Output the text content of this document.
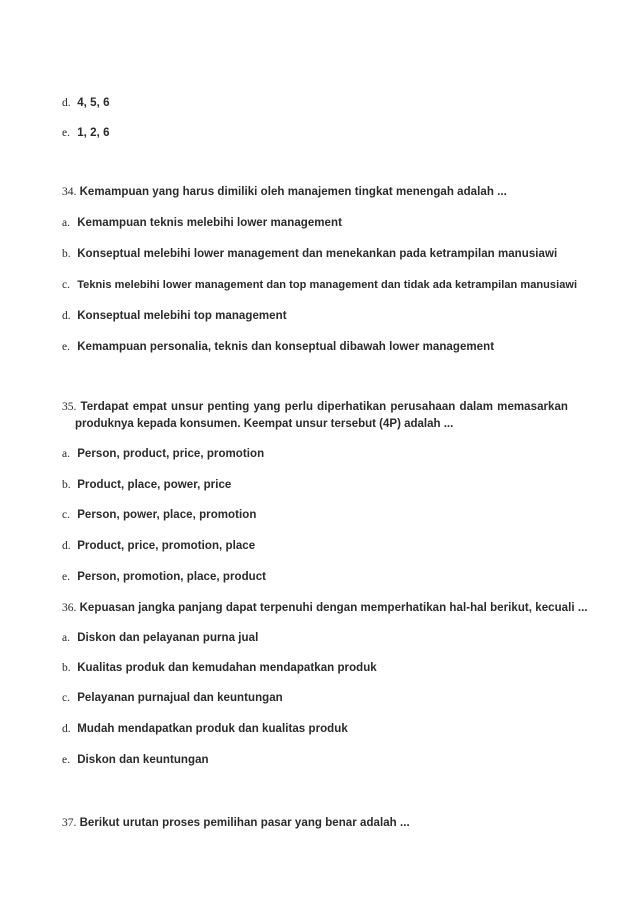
d. 4, 5, 6
e. 1, 2, 6
34. Kemampuan yang harus dimiliki oleh manajemen tingkat menengah adalah ...
a. Kemampuan teknis melebihi lower management
b. Konseptual melebihi lower management dan menekankan pada ketrampilan manusiawi
c. Teknis melebihi lower management dan top management dan tidak ada ketrampilan manusiawi
d. Konseptual melebihi top management
e. Kemampuan personalia, teknis dan konseptual dibawah lower management
35. Terdapat empat unsur penting yang perlu diperhatikan perusahaan dalam memasarkan
produknya kepada konsumen. Keempat unsur tersebut (4P) adalah ...
a. Person, product, price, promotion
b. Product, place, power, price
c. Person, power, place, promotion
d. Product, price, promotion, place
e. Person, promotion, place, product
36. Kepuasan jangka panjang dapat terpenuhi dengan memperhatikan hal-hal berikut, kecuali ...
a. Diskon dan pelayanan purna jual
b. Kualitas produk dan kemudahan mendapatkan produk
c. Pelayanan purnajual dan keuntungan
d. Mudah mendapatkan produk dan kualitas produk
e. Diskon dan keuntungan
37. Berikut urutan proses pemilihan pasar yang benar adalah ...
